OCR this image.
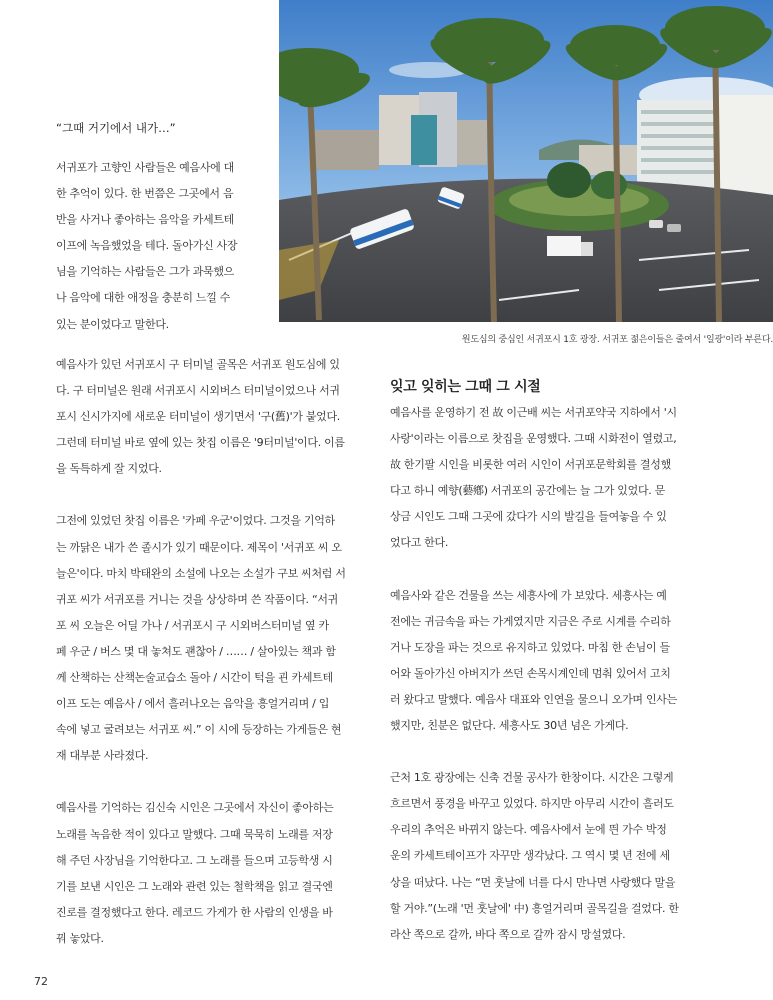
원도심의 중심인 서귀포시 1호 광장. 서귀포 젊은이들은 줄여서 '일광'이라 부른다.
“그때 거기에서 내가…”

서귀포가 고향인 사람들은 예음사에 대

한 추억이 있다. 한 번쯤은 그곳에서 음

반을 사거나 좋아하는 음악을 카세트테

이프에 녹음했었을 테다. 돌아가신 사장

님을 기억하는 사람들은 그가 과묵했으

나 음악에 대한 애정을 충분히 느낄 수

있는 분이었다고 말한다.

예음사가 있던 서귀포시 구 터미널 골목은 서귀포 원도심에 있

다. 구 터미널은 원래 서귀포시 시외버스 터미널이었으나 서귀

포시 신시가지에 새로운 터미널이 생기면서 '구(舊)'가 붙었다.

그런데 터미널 바로 옆에 있는 찻집 이름은 '9터미널'이다. 이름

을 독특하게 잘 지었다.

그전에 있었던 찻집 이름은 '카페 우군'이었다. 그것을 기억하

는 까닭은 내가 쓴 졸시가 있기 때문이다. 제목이 '서귀포 씨 오

늘은'이다. 마치 박태완의 소설에 나오는 소설가 구보 씨처럼 서

귀포 씨가 서귀포를 거니는 것을 상상하며 쓴 작품이다. “서귀

포 씨 오늘은 어딜 가나 / 서귀포시 구 시외버스터미널 옆 카

페 우군 / 버스 몇 대 놓쳐도 괜찮아 / …… / 살아있는 책과 함

께 산책하는 산책논술교습소 돌아 / 시간이 턱을 괸 카세트테

이프 도는 예음사 / 에서 흘러나오는 음악을 흥얼거리며 / 입

속에 넣고 굴려보는 서귀포 씨.” 이 시에 등장하는 가게들은 현

재 대부분 사라졌다.

예음사를 기억하는 김신숙 시인은 그곳에서 자신이 좋아하는

노래를 녹음한 적이 있다고 말했다. 그때 묵묵히 노래를 저장

해 주던 사장님을 기억한다고. 그 노래를 들으며 고등학생 시

기를 보낸 시인은 그 노래와 관련 있는 철학책을 읽고 결국엔

진로를 결정했다고 한다. 레코드 가게가 한 사람의 인생을 바

꿔 놓았다.

잊고 잊히는 그때 그 시절

예음사를 운영하기 전 故 이근배 씨는 서귀포약국 지하에서 '시

사랑'이라는 이름으로 찻집을 운영했다. 그때 시화전이 열렸고,

故 한기팔 시인을 비롯한 여러 시인이 서귀포문학회를 결성했

다고 하니 예향(藝鄕) 서귀포의 공간에는 늘 그가 있었다. 문

상금 시인도 그때 그곳에 갔다가 시의 발길을 들여놓을 수 있

었다고 한다.

예음사와 같은 건물을 쓰는 세흥사에 가 보았다. 세흥사는 예

전에는 귀금속을 파는 가게였지만 지금은 주로 시계를 수리하

거나 도장을 파는 것으로 유지하고 있었다. 마침 한 손님이 들

어와 돌아가신 아버지가 쓰던 손목시계인데 멈춰 있어서 고치

러 왔다고 말했다. 예음사 대표와 인연을 물으니 오가며 인사는

했지만, 친분은 없단다. 세흥사도 30년 넘은 가게다.

근처 1호 광장에는 신축 건물 공사가 한창이다. 시간은 그렇게

흐르면서 풍경을 바꾸고 있었다. 하지만 아무리 시간이 흘러도

우리의 추억은 바뀌지 않는다. 예음사에서 눈에 띈 가수 박정

운의 카세트테이프가 자꾸만 생각났다. 그 역시 몇 년 전에 세

상을 떠났다. 나는 “먼 훗날에 너를 다시 만나면 사랑했다 말을

할 거야.”(노래 '먼 훗날에' 中) 흥얼거리며 골목길을 걸었다. 한

라산 쪽으로 갈까, 바다 쪽으로 갈까 잠시 망설였다.

72
